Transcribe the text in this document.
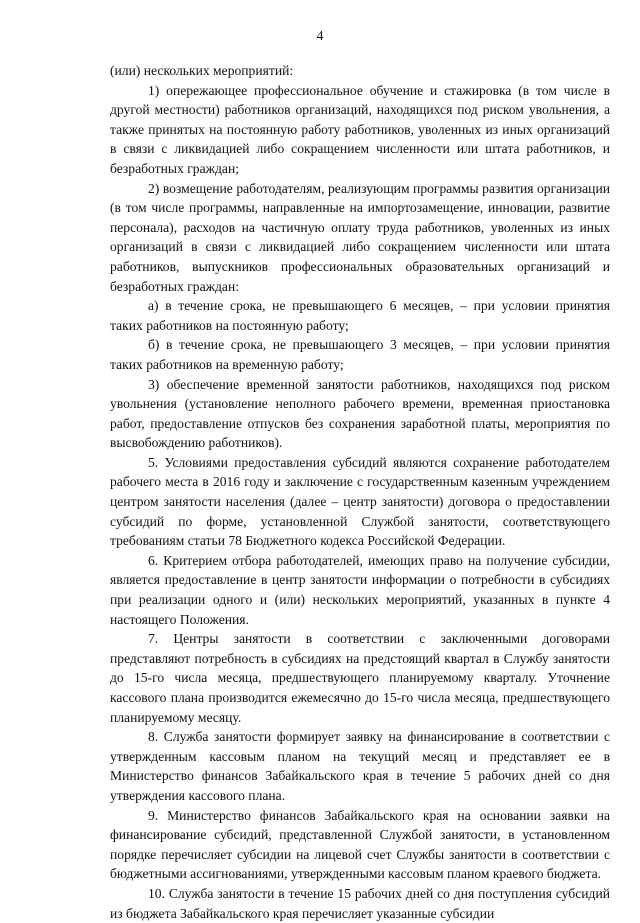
4

(или) нескольких мероприятий:

1) опережающее профессиональное обучение и стажировка (в том числе в другой местности) работников организаций, находящихся под риском увольнения, а также принятых на постоянную работу работников, уволенных из иных организаций в связи с ликвидацией либо сокращением численности или штата работников, и безработных граждан;

2) возмещение работодателям, реализующим программы развития организации (в том числе программы, направленные на импортозамещение, инновации, развитие персонала), расходов на частичную оплату труда работников, уволенных из иных организаций в связи с ликвидацией либо сокращением численности или штата работников, выпускников профессиональных образовательных организаций и безработных граждан:

а) в течение срока, не превышающего 6 месяцев, – при условии принятия таких работников на постоянную работу;

б) в течение срока, не превышающего 3 месяцев, – при условии принятия таких работников на временную работу;

3) обеспечение временной занятости работников, находящихся под риском увольнения (установление неполного рабочего времени, временная приостановка работ, предоставление отпусков без сохранения заработной платы, мероприятия по высвобождению работников).

5. Условиями предоставления субсидий являются сохранение работодателем рабочего места в 2016 году и заключение с государственным казенным учреждением центром занятости населения (далее – центр занятости) договора о предоставлении субсидий по форме, установленной Службой занятости, соответствующего требованиям статьи 78 Бюджетного кодекса Российской Федерации.

6. Критерием отбора работодателей, имеющих право на получение субсидии, является предоставление в центр занятости информации о потребности в субсидиях при реализации одного и (или) нескольких мероприятий, указанных в пункте 4 настоящего Положения.

7. Центры занятости в соответствии с заключенными договорами представляют потребность в субсидиях на предстоящий квартал в Службу занятости до 15-го числа месяца, предшествующего планируемому кварталу. Уточнение кассового плана производится ежемесячно до 15-го числа месяца, предшествующего планируемому месяцу.

8. Служба занятости формирует заявку на финансирование в соответствии с утвержденным кассовым планом на текущий месяц и представляет ее в Министерство финансов Забайкальского края в течение 5 рабочих дней со дня утверждения кассового плана.

9. Министерство финансов Забайкальского края на основании заявки на финансирование субсидий, представленной Службой занятости, в установленном порядке перечисляет субсидии на лицевой счет Службы занятости в соответствии с бюджетными ассигнованиями, утвержденными кассовым планом краевого бюджета.

10. Служба занятости в течение 15 рабочих дней со дня поступления субсидий из бюджета Забайкальского края перечисляет указанные субсидии
